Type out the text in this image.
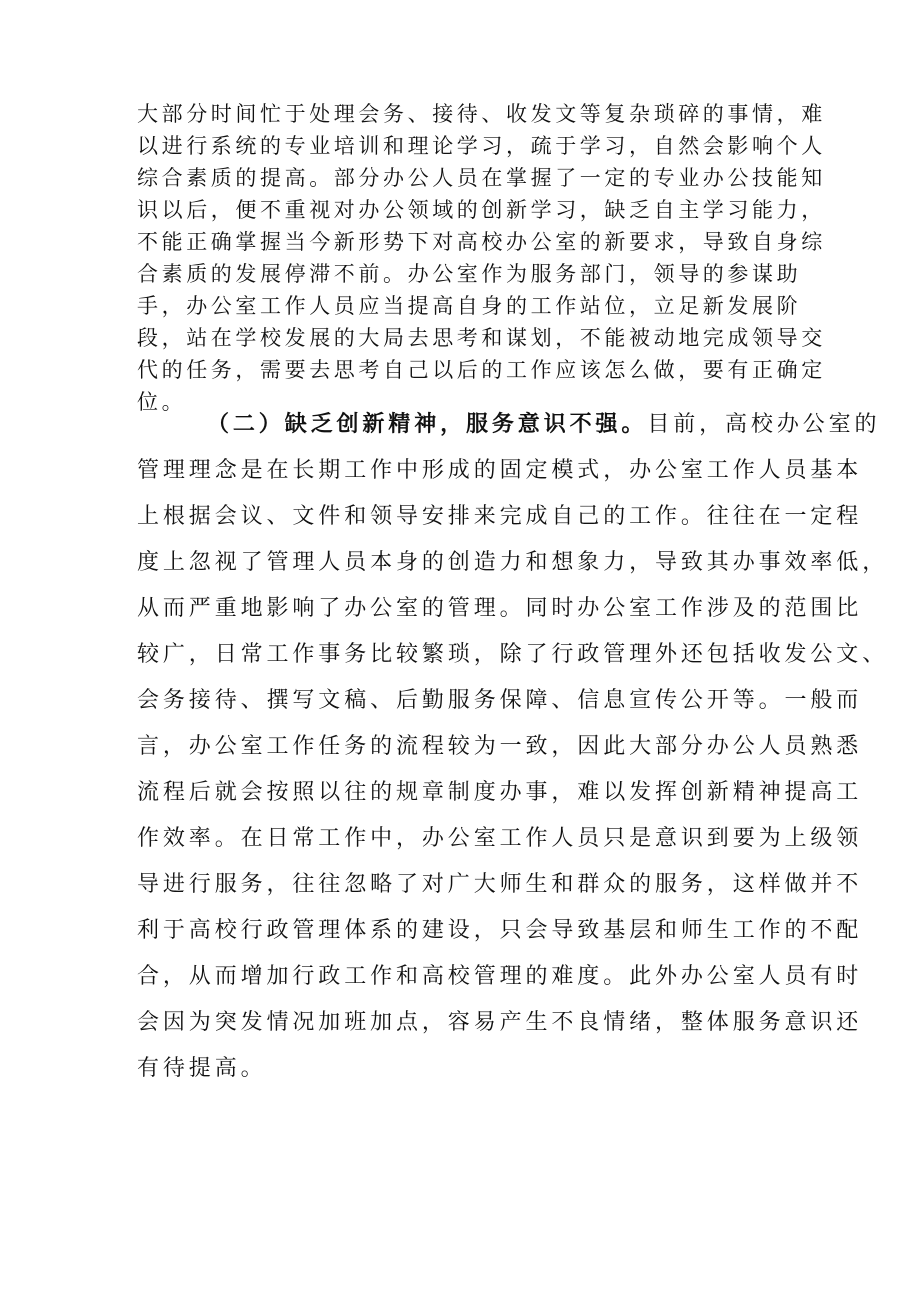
大部分时间忙于处理会务、接待、收发文等复杂琐碎的事情，难
以进行系统的专业培训和理论学习，疏于学习，自然会影响个人
综合素质的提高。部分办公人员在掌握了一定的专业办公技能知
识以后，便不重视对办公领域的创新学习，缺乏自主学习能力，
不能正确掌握当今新形势下对高校办公室的新要求，导致自身综
合素质的发展停滞不前。办公室作为服务部门，领导的参谋助
手，办公室工作人员应当提高自身的工作站位，立足新发展阶
段，站在学校发展的大局去思考和谋划，不能被动地完成领导交
代的任务，需要去思考自己以后的工作应该怎么做，要有正确定
位。
（二）缺乏创新精神，服务意识不强。目前，高校办公室的
管理理念是在长期工作中形成的固定模式，办公室工作人员基本
上根据会议、文件和领导安排来完成自己的工作。往往在一定程
度上忽视了管理人员本身的创造力和想象力，导致其办事效率低，
从而严重地影响了办公室的管理。同时办公室工作涉及的范围比
较广，日常工作事务比较繁琐，除了行政管理外还包括收发公文、
会务接待、撰写文稿、后勤服务保障、信息宣传公开等。一般而
言，办公室工作任务的流程较为一致，因此大部分办公人员熟悉
流程后就会按照以往的规章制度办事，难以发挥创新精神提高工
作效率。在日常工作中，办公室工作人员只是意识到要为上级领
导进行服务，往往忽略了对广大师生和群众的服务，这样做并不
利于高校行政管理体系的建设，只会导致基层和师生工作的不配
合，从而增加行政工作和高校管理的难度。此外办公室人员有时
会因为突发情况加班加点，容易产生不良情绪，整体服务意识还
有待提高。
